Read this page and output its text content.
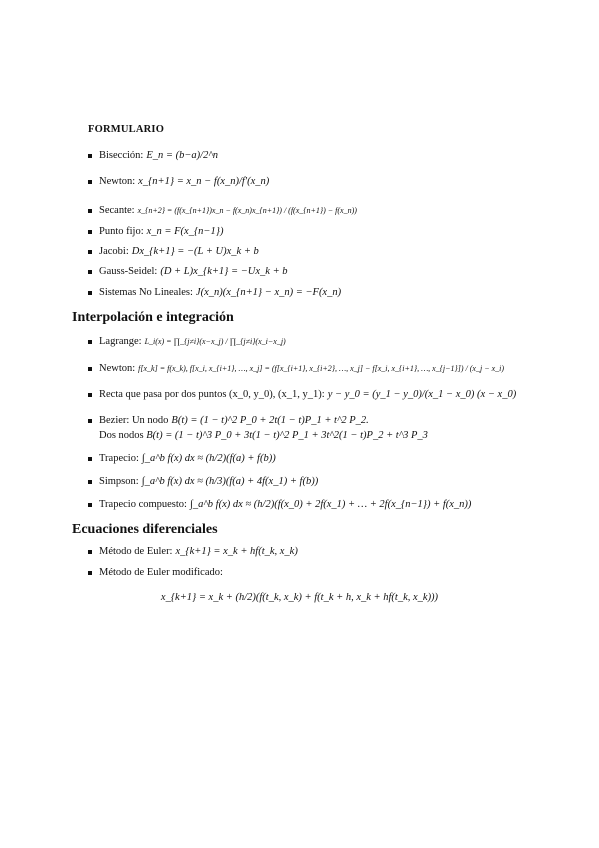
FORMULARIO
Bisección: E_n = (b−a)/2^n
Newton: x_{n+1} = x_n − f(x_n)/f′(x_n)
Secante: x_{n+2} = (f(x_{n+1})x_n − f(x_n)x_{n+1}) / (f(x_{n+1}) − f(x_n))
Punto fijo: x_n = F(x_{n−1})
Jacobi: Dx_{k+1} = −(L + U)x_k + b
Gauss-Seidel: (D + L)x_{k+1} = −Ux_k + b
Sistemas No Lineales: J(x_n)(x_{n+1} − x_n) = −F(x_n)
Interpolación e integración
Lagrange: L_i(x) = ∏_{j≠i}(x−x_j) / ∏_{j≠i}(x_i−x_j)
Newton: f[x_k] = f(x_k), f[x_i, x_{i+1}, …, x_j] = (f[x_{i+1}, x_{i+2}, …, x_j] − f[x_i, x_{i+1}, …, x_{j−1}]) / (x_j − x_i)
Recta que pasa por dos puntos (x_0, y_0), (x_1, y_1): y − y_0 = (y_1 − y_0)/(x_1 − x_0) (x − x_0)
Bezier: Un nodo B(t) = (1 − t)^2 P_0 + 2t(1 − t)P_1 + t^2 P_2.
Dos nodos B(t) = (1 − t)^3 P_0 + 3t(1 − t)^2 P_1 + 3t^2(1 − t)P_2 + t^3 P_3
Trapecio: ∫_a^b f(x) dx ≈ (h/2)(f(a) + f(b))
Simpson: ∫_a^b f(x) dx ≈ (h/3)(f(a) + 4f(x_1) + f(b))
Trapecio compuesto: ∫_a^b f(x) dx ≈ (h/2)(f(x_0) + 2f(x_1) + … + 2f(x_{n−1}) + f(x_n))
Ecuaciones diferenciales
Método de Euler: x_{k+1} = x_k + hf(t_k, x_k)
Método de Euler modificado:
x_{k+1} = x_k + (h/2)(f(t_k, x_k) + f(t_k + h, x_k + hf(t_k, x_k)))
